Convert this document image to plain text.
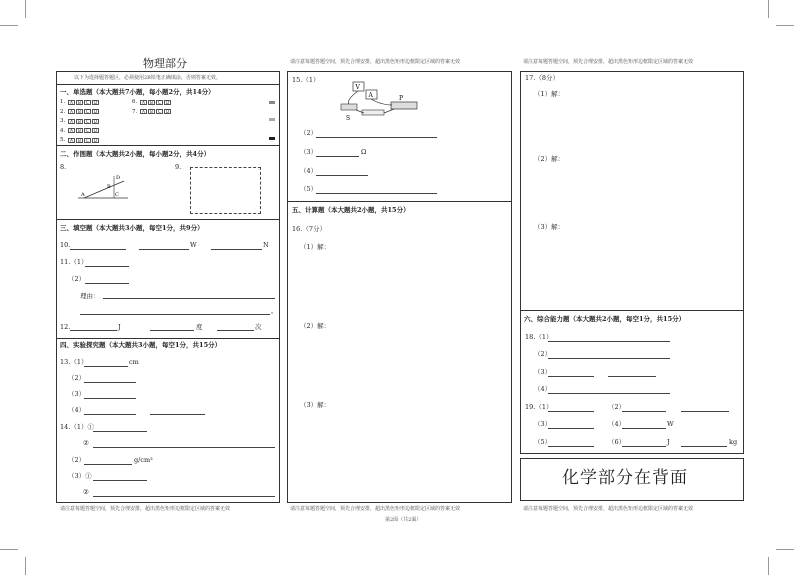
物理部分
以下为选择题答题区，必须使用2B铅笔正确填涂，否则答案无效。
一、单选题（本大题共7小题，每小题2分，共14分）
1.	A	B	C	D
2.	A	B	C	D
3.	A	B	C	D
4.	A	B	C	D
5.	A	B	C	D
6.	A	B	C	D
7.	A	B	C	D
二、作图题（本大题共2小题，每小题2分，共4分）
8.
D
B
A	C
9.
三、填空题（本大题共3小题，每空1分，共9分）
10.	W	N
11.（1）
（2）
理由：
。
12.	J	度	次
四、实验探究题（本大题共3小题，每空1分，共15分）
13.（1）	cm
（2）
（3）
（4）
14.（1）①
②
（2）	g/cm³
（3）①
②
请注意每题答题空间，预先合理安排，超出黑色矩形边框限定区域的答案无效
请注意每题答题空间，预先合理安排，超出黑色矩形边框限定区域的答案无效
15.（1）
V
A	P
S
（2）
（3）	Ω
（4）
（5）
五、计算题（本大题共2小题，共15分）
16.（7分）
（1）解：
（2）解：
（3）解：
请注意每题答题空间，预先合理安排，超出黑色矩形边框限定区域的答案无效
请注意每题答题空间，预先合理安排，超出黑色矩形边框限定区域的答案无效
17.（8分）
（1）解：
（2）解：
（3）解：
六、综合能力题（本大题共2小题，每空1分，共15分）
18.（1）
（2）
（3）
（4）
19.（1）	（2）
（3）	（4）	W
（5）	（6）	J	kg
化学部分在背面
请注意每题答题空间，预先合理安排，超出黑色矩形边框限定区域的答案无效
第2面（共2面）
